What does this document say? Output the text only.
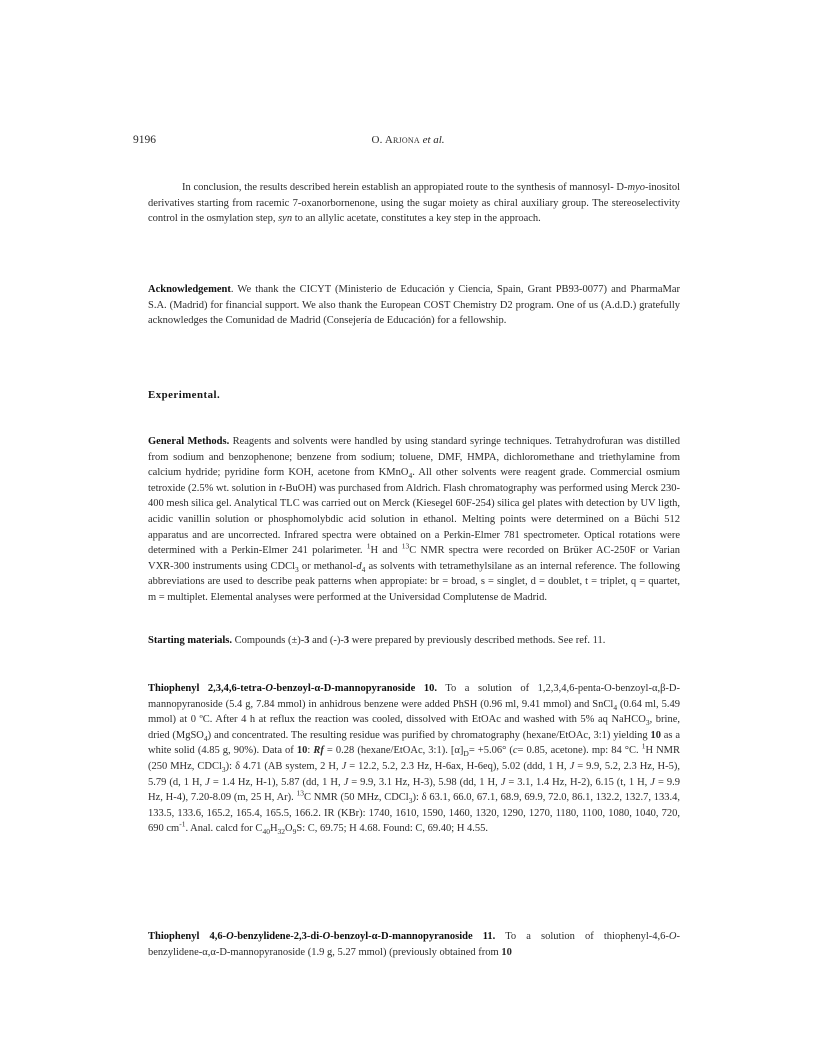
9196	O. Arjona et al.
In conclusion, the results described herein establish an appropiated route to the synthesis of mannosyl- D-myo-inositol derivatives starting from racemic 7-oxanorbornenone, using the sugar moiety as chiral auxiliary group. The stereoselectivity control in the osmylation step, syn to an allylic acetate, constitutes a key step in the approach.
Acknowledgement. We thank the CICYT (Ministerio de Educación y Ciencia, Spain, Grant PB93-0077) and PharmaMar S.A. (Madrid) for financial support. We also thank the European COST Chemistry D2 program. One of us (A.d.D.) gratefully acknowledges the Comunidad de Madrid (Consejería de Educación) for a fellowship.
Experimental.
General Methods. Reagents and solvents were handled by using standard syringe techniques. Tetrahydrofuran was distilled from sodium and benzophenone; benzene from sodium; toluene, DMF, HMPA, dichloromethane and triethylamine from calcium hydride; pyridine form KOH, acetone from KMnO$_4$. All other solvents were reagent grade. Commercial osmium tetroxide (2.5% wt. solution in t-BuOH) was purchased from Aldrich. Flash chromatography was performed using Merck 230-400 mesh silica gel. Analytical TLC was carried out on Merck (Kiesegel 60F-254) silica gel plates with detection by UV ligth, acidic vanillin solution or phosphomolybdic acid solution in ethanol. Melting points were determined on a Büchi 512 apparatus and are uncorrected. Infrared spectra were obtained on a Perkin-Elmer 781 spectrometer. Optical rotations were determined with a Perkin-Elmer 241 polarimeter. $^1$H and $^{13}$C NMR spectra were recorded on Brüker AC-250F or Varian VXR-300 instruments using CDCl$_3$ or methanol-$d_4$ as solvents with tetramethylsilane as an internal reference. The following abbreviations are used to describe peak patterns when appropiate: br = broad, s = singlet, d = doublet, t = triplet, q = quartet, m = multiplet. Elemental analyses were performed at the Universidad Complutense de Madrid.
Starting materials. Compounds (±)-3 and (-)-3 were prepared by previously described methods. See ref. 11.
Thiophenyl 2,3,4,6-tetra-O-benzoyl-α-D-mannopyranoside 10. To a solution of 1,2,3,4,6-penta-O-benzoyl-α,β-D-mannopyranoside (5.4 g, 7.84 mmol) in anhidrous benzene were added PhSH (0.96 ml, 9.41 mmol) and SnCl$_4$ (0.64 ml, 5.49 mmol) at 0 ºC. After 4 h at reflux the reaction was cooled, dissolved with EtOAc and washed with 5% aq NaHCO$_3$, brine, dried (MgSO$_4$) and concentrated. The resulting residue was purified by chromatography (hexane/EtOAc, 3:1) yielding 10 as a white solid (4.85 g, 90%). Data of 10: Rf = 0.28 (hexane/EtOAc, 3:1). $[\alpha]_D= +5.06^\circ$ (c= 0.85, acetone). mp: 84 °C. $^1$H NMR (250 MHz, CDCl$_3$): δ 4.71 (AB system, 2 H, J = 12.2, 5.2, 2.3 Hz, H-6ax, H-6eq), 5.02 (ddd, 1 H, J = 9.9, 5.2, 2.3 Hz, H-5), 5.79 (d, 1 H, J = 1.4 Hz, H-1), 5.87 (dd, 1 H, J = 9.9, 3.1 Hz, H-3), 5.98 (dd, 1 H, J = 3.1, 1.4 Hz, H-2), 6.15 (t, 1 H, J = 9.9 Hz, H-4), 7.20-8.09 (m, 25 H, Ar). $^{13}$C NMR (50 MHz, CDCl$_3$): δ 63.1, 66.0, 67.1, 68.9, 69.9, 72.0, 86.1, 132.2, 132.7, 133.4, 133.5, 133.6, 165.2, 165.4, 165.5, 166.2. IR (KBr): 1740, 1610, 1590, 1460, 1320, 1290, 1270, 1180, 1100, 1080, 1040, 720, 690 $cm^{-1}$. Anal. calcd for $C_{40}H_{32}O_9S$: C, 69.75; H 4.68. Found: C, 69.40; H 4.55.
Thiophenyl 4,6-O-benzylidene-2,3-di-O-benzoyl-α-D-mannopyranoside 11. To a solution of thiophenyl-4,6-O-benzylidene-α,α-D-mannopyranoside (1.9 g, 5.27 mmol) (previously obtained from 10
